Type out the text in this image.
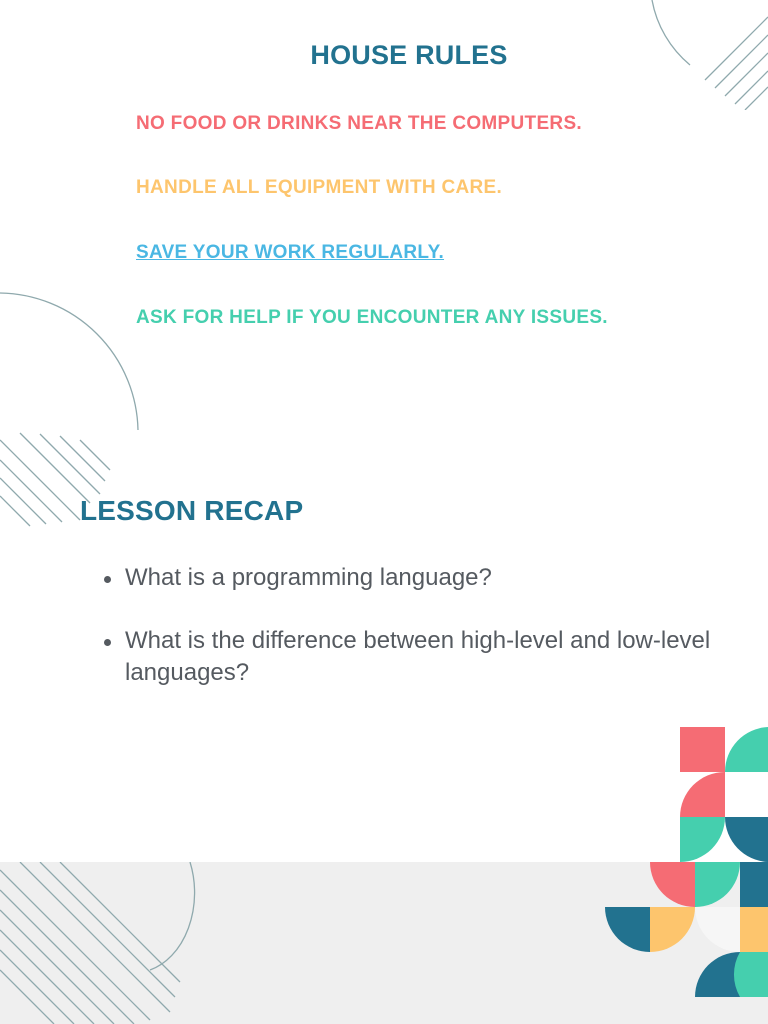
HOUSE RULES
NO FOOD OR DRINKS NEAR THE COMPUTERS.
HANDLE ALL EQUIPMENT WITH CARE.
SAVE YOUR WORK REGULARLY.
ASK FOR HELP IF YOU ENCOUNTER ANY ISSUES.
LESSON RECAP
What is a programming language?
What is the difference between high-level and low-level languages?
